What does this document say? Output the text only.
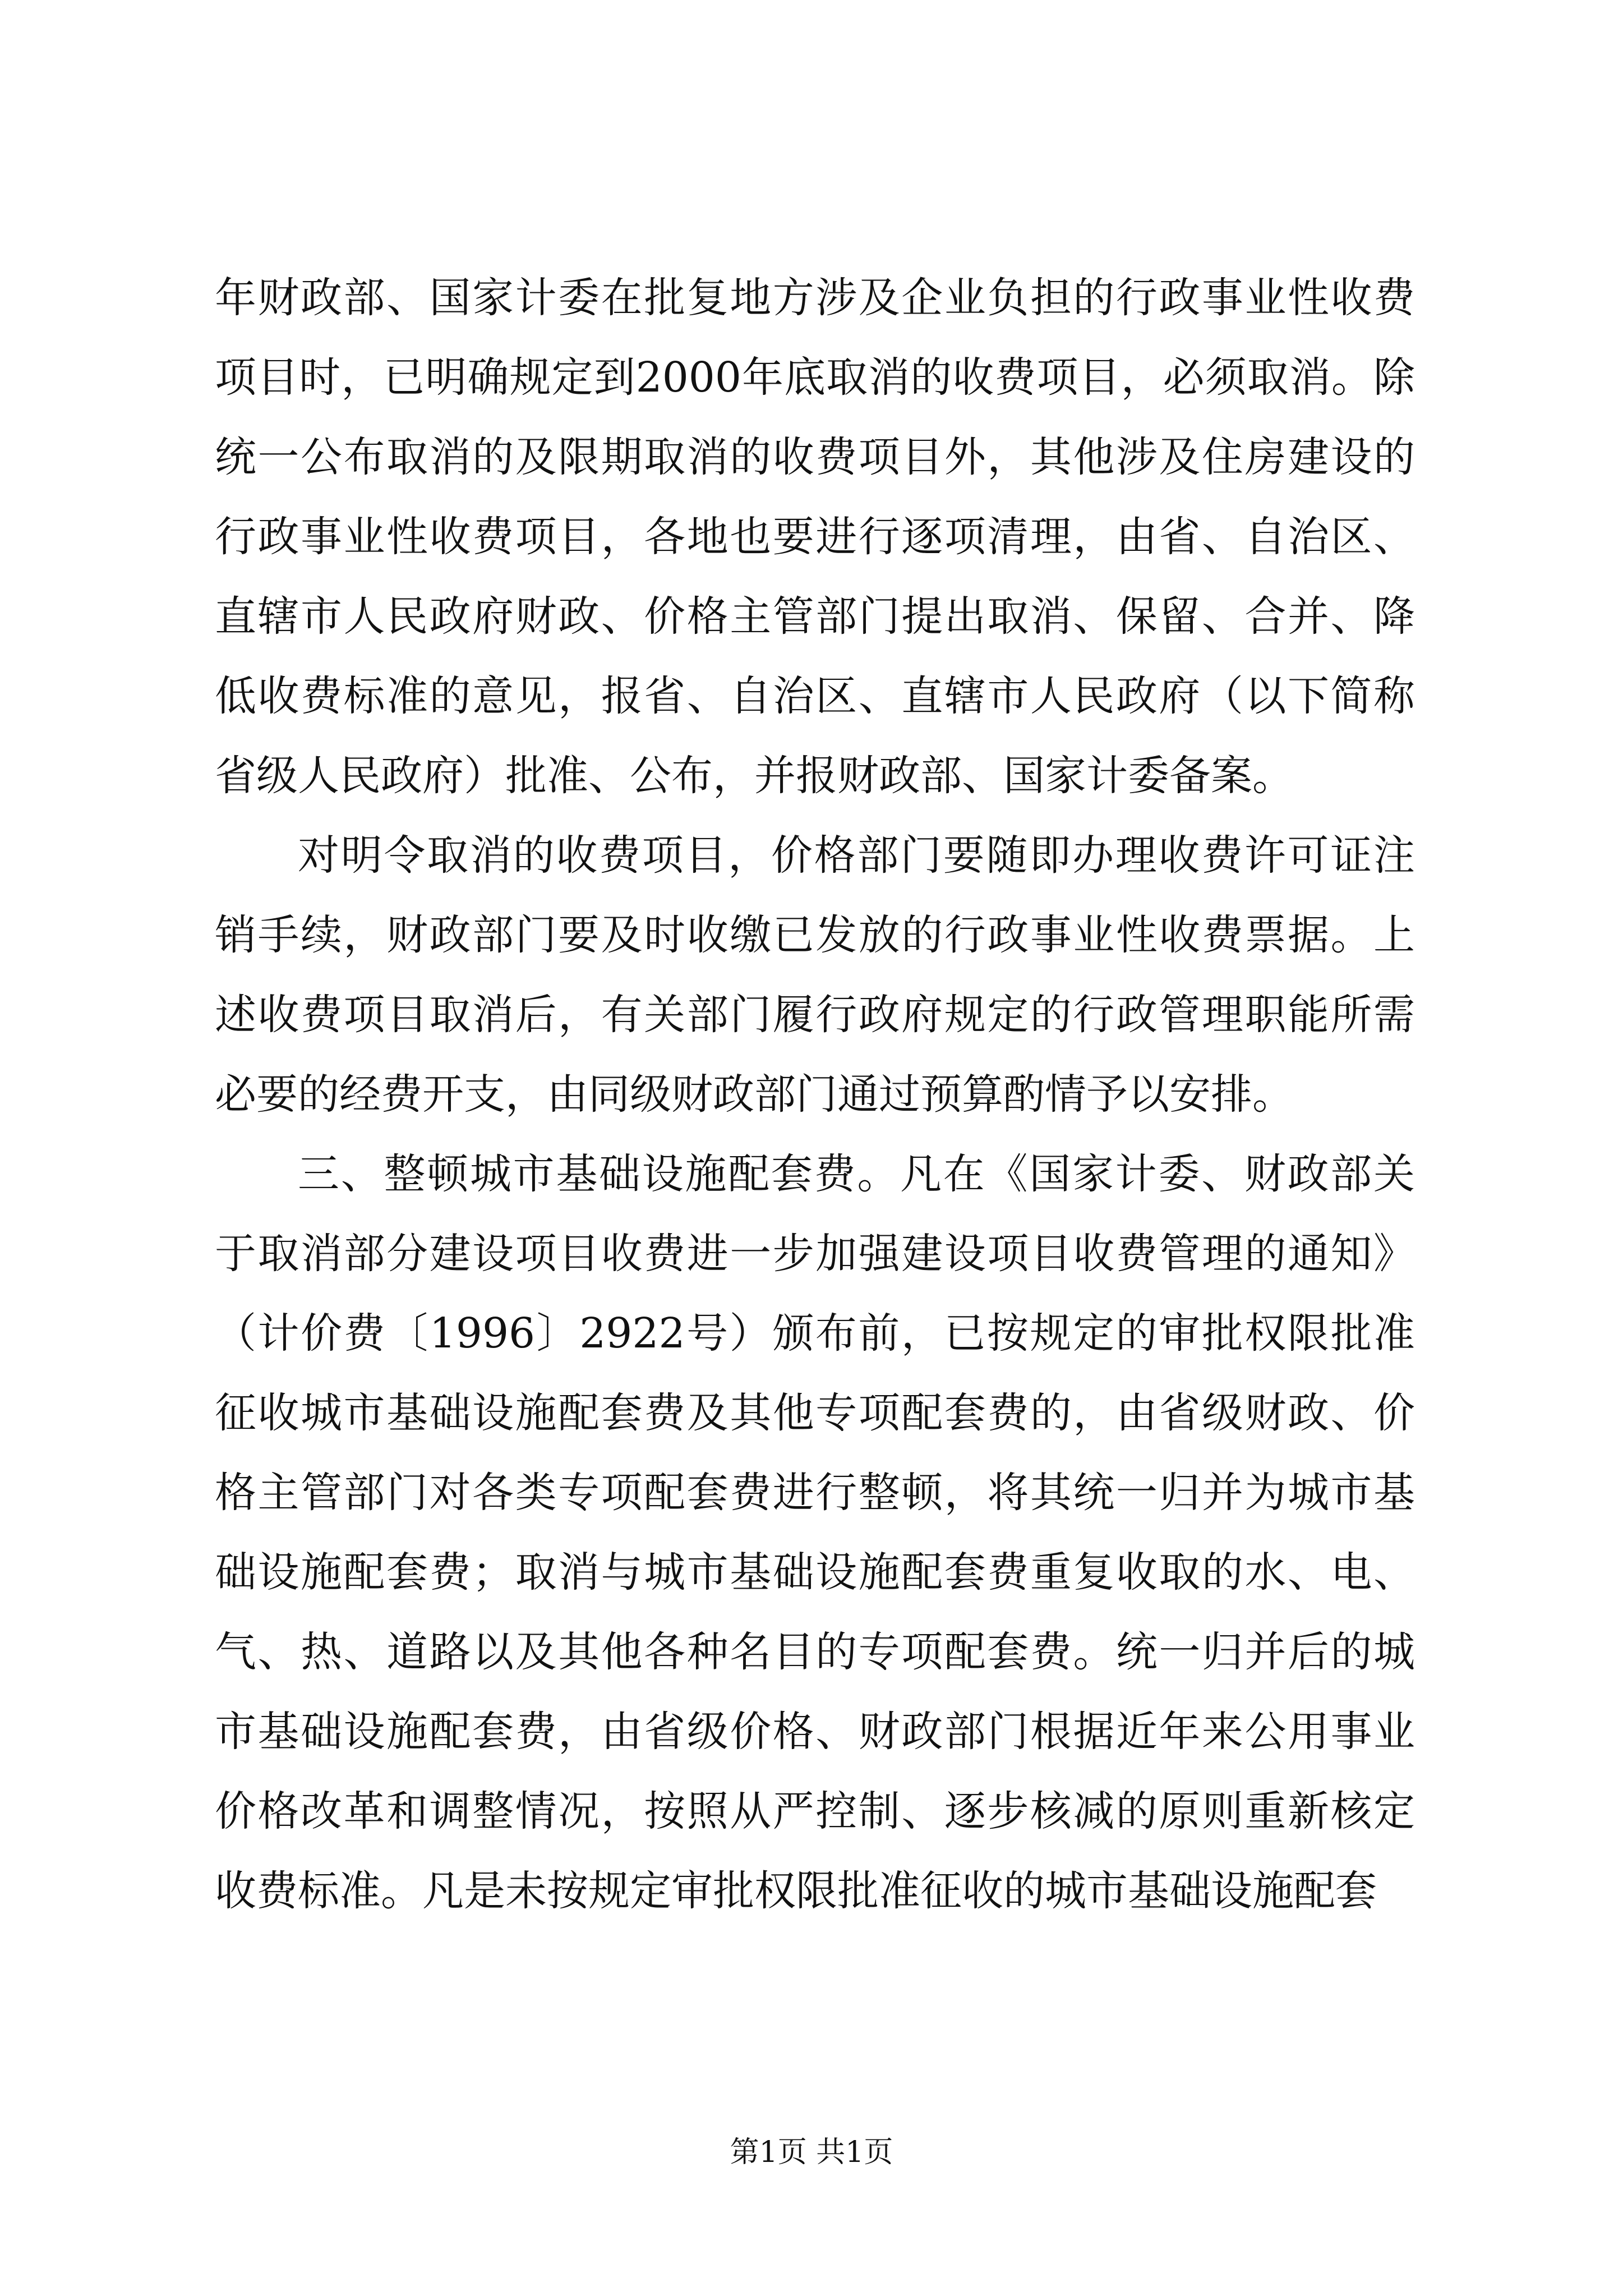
年财政部、国家计委在批复地方涉及企业负担的行政事业性收费项目时，已明确规定到2000年底取消的收费项目，必须取消。除统一公布取消的及限期取消的收费项目外，其他涉及住房建设的行政事业性收费项目，各地也要进行逐项清理，由省、自治区、直辖市人民政府财政、价格主管部门提出取消、保留、合并、降低收费标准的意见，报省、自治区、直辖市人民政府（以下简称省级人民政府）批准、公布，并报财政部、国家计委备案。

对明令取消的收费项目，价格部门要随即办理收费许可证注销手续，财政部门要及时收缴已发放的行政事业性收费票据。上述收费项目取消后，有关部门履行政府规定的行政管理职能所需必要的经费开支，由同级财政部门通过预算酌情予以安排。

三、整顿城市基础设施配套费。凡在《国家计委、财政部关于取消部分建设项目收费进一步加强建设项目收费管理的通知》（计价费〔1996〕2922号）颁布前，已按规定的审批权限批准征收城市基础设施配套费及其他专项配套费的，由省级财政、价格主管部门对各类专项配套费进行整顿，将其统一归并为城市基础设施配套费；取消与城市基础设施配套费重复收取的水、电、气、热、道路以及其他各种名目的专项配套费。统一归并后的城市基础设施配套费，由省级价格、财政部门根据近年来公用事业价格改革和调整情况，按照从严控制、逐步核减的原则重新核定收费标准。凡是未按规定审批权限批准征收的城市基础设施配套

第1页 共1页
